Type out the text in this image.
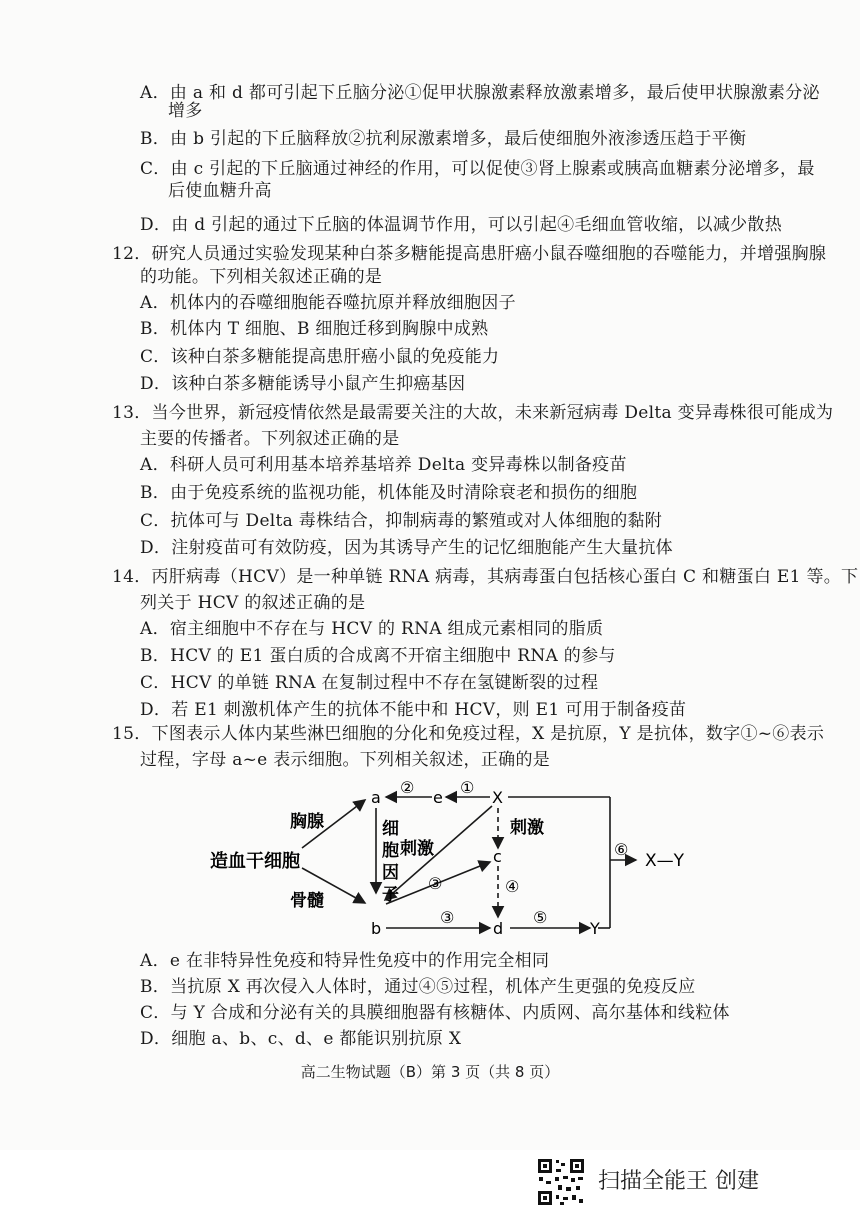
A．由 a 和 d 都可引起下丘脑分泌①促甲状腺激素释放激素增多，最后使甲状腺激素分泌
增多
B．由 b 引起的下丘脑释放②抗利尿激素增多，最后使细胞外液渗透压趋于平衡
C．由 c 引起的下丘脑通过神经的作用，可以促使③肾上腺素或胰高血糖素分泌增多，最
后使血糖升高
D．由 d 引起的通过下丘脑的体温调节作用，可以引起④毛细血管收缩，以减少散热
12．研究人员通过实验发现某种白茶多糖能提高患肝癌小鼠吞噬细胞的吞噬能力，并增强胸腺
的功能。下列相关叙述正确的是
A．机体内的吞噬细胞能吞噬抗原并释放细胞因子
B．机体内 T 细胞、B 细胞迁移到胸腺中成熟
C．该种白茶多糖能提高患肝癌小鼠的免疫能力
D．该种白茶多糖能诱导小鼠产生抑癌基因
13．当今世界，新冠疫情依然是最需要关注的大故，未来新冠病毒 Delta 变异毒株很可能成为
主要的传播者。下列叙述正确的是
A．科研人员可利用基本培养基培养 Delta 变异毒株以制备疫苗
B．由于免疫系统的监视功能，机体能及时清除衰老和损伤的细胞
C．抗体可与 Delta 毒株结合，抑制病毒的繁殖或对人体细胞的黏附
D．注射疫苗可有效防疫，因为其诱导产生的记忆细胞能产生大量抗体
14．丙肝病毒（HCV）是一种单链 RNA 病毒，其病毒蛋白包括核心蛋白 C 和糖蛋白 E1 等。下
列关于 HCV 的叙述正确的是
A．宿主细胞中不存在与 HCV 的 RNA 组成元素相同的脂质
B．HCV 的 E1 蛋白质的合成离不开宿主细胞中 RNA 的参与
C．HCV 的单链 RNA 在复制过程中不存在氢键断裂的过程
D．若 E1 刺激机体产生的抗体不能中和 HCV，则 E1 可用于制备疫苗
15．下图表示人体内某些淋巴细胞的分化和免疫过程，X 是抗原，Y 是抗体，数字①~⑥表示
过程，字母 a~e 表示细胞。下列相关叙述，正确的是
造血干细胞
胸腺
骨髓
细
胞
因
子
刺激
刺激
a
b
c
d
e	X
Y
X—Y
①
②
③
③
④
⑤
⑥
A．e 在非特异性免疫和特异性免疫中的作用完全相同
B．当抗原 X 再次侵入人体时，通过④⑤过程，机体产生更强的免疫反应
C．与 Y 合成和分泌有关的具膜细胞器有核糖体、内质网、高尔基体和线粒体
D．细胞 a、b、c、d、e 都能识别抗原 X
高二生物试题（B）第 3 页（共 8 页）
扫描全能王 创建
